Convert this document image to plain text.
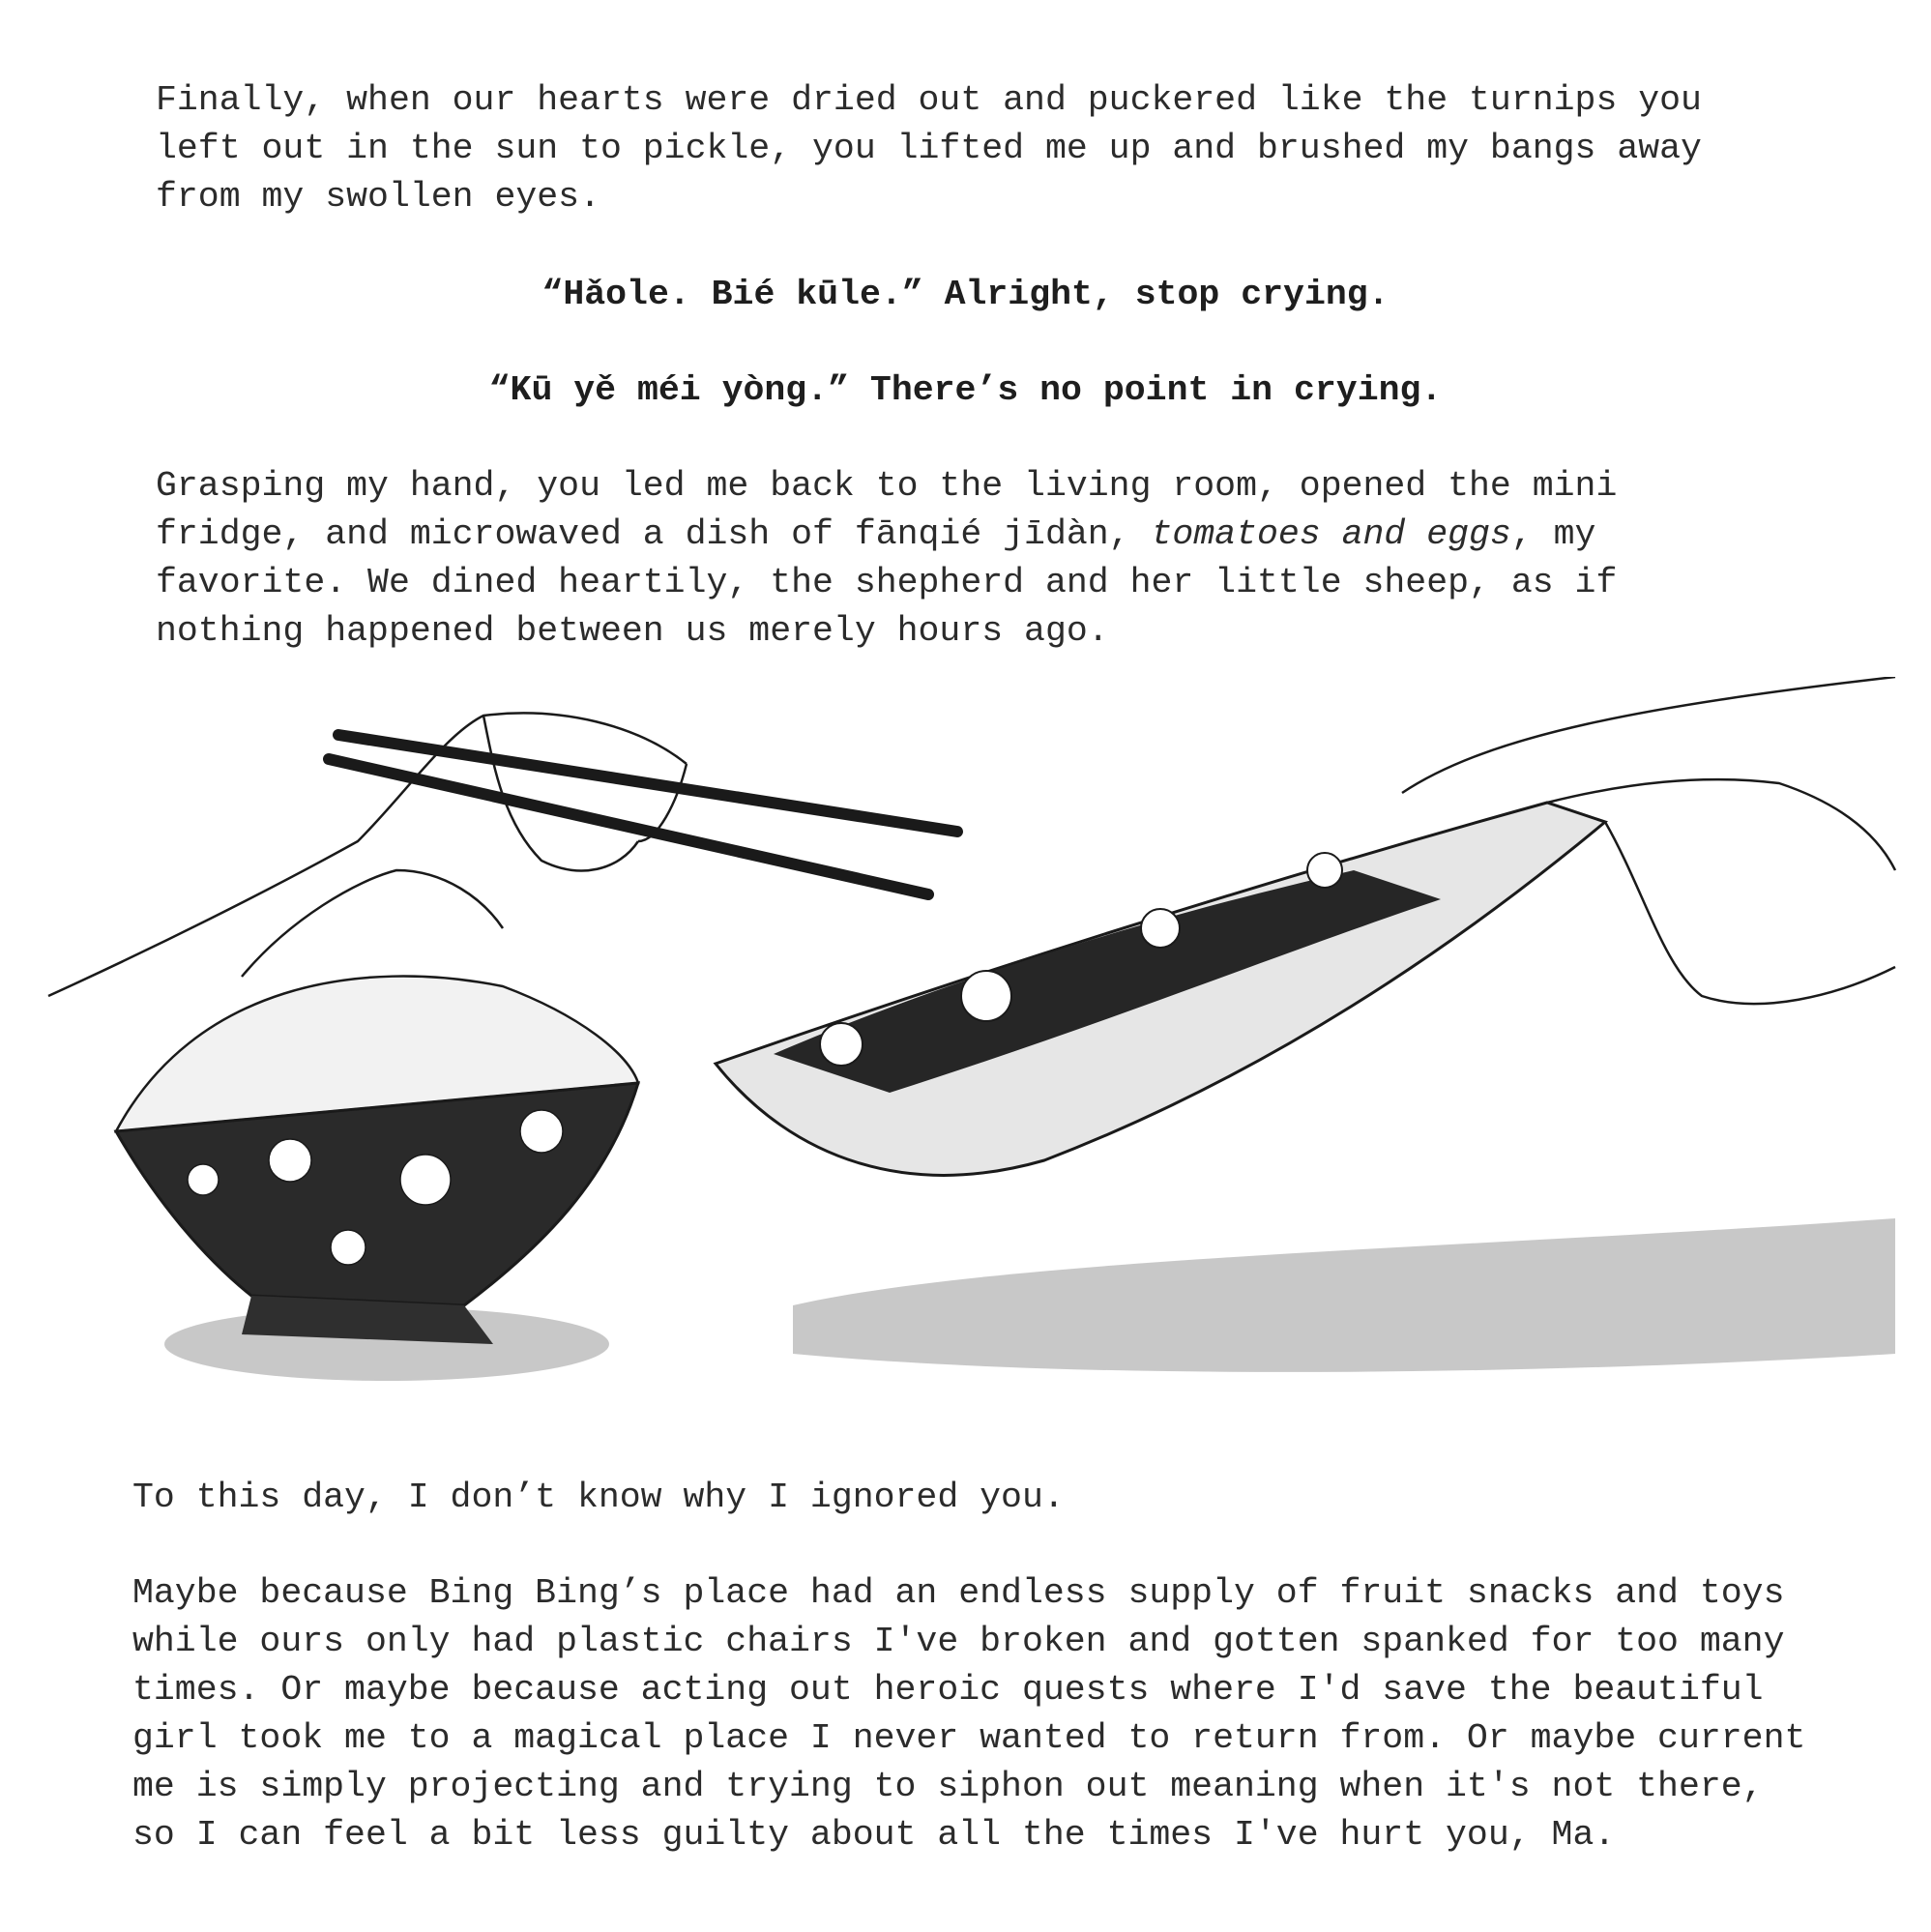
Finally, when our hearts were dried out and puckered like the turnips you
left out in the sun to pickle, you lifted me up and brushed my bangs away
from my swollen eyes.
“Hǎole. Bié kūle.” Alright, stop crying.
“Kū yě méi yòng.” There’s no point in crying.
Grasping my hand, you led me back to the living room, opened the mini
fridge, and microwaved a dish of fānqié jīdàn, tomatoes and eggs, my
favorite. We dined heartily, the shepherd and her little sheep, as if
nothing happened between us merely hours ago.
To this day, I don’t know why I ignored you.
Maybe because Bing Bing’s place had an endless supply of fruit snacks and toys
while ours only had plastic chairs I've broken and gotten spanked for too many
times. Or maybe because acting out heroic quests where I'd save the beautiful
girl took me to a magical place I never wanted to return from. Or maybe current
me is simply projecting and trying to siphon out meaning when it's not there,
so I can feel a bit less guilty about all the times I've hurt you, Ma.
